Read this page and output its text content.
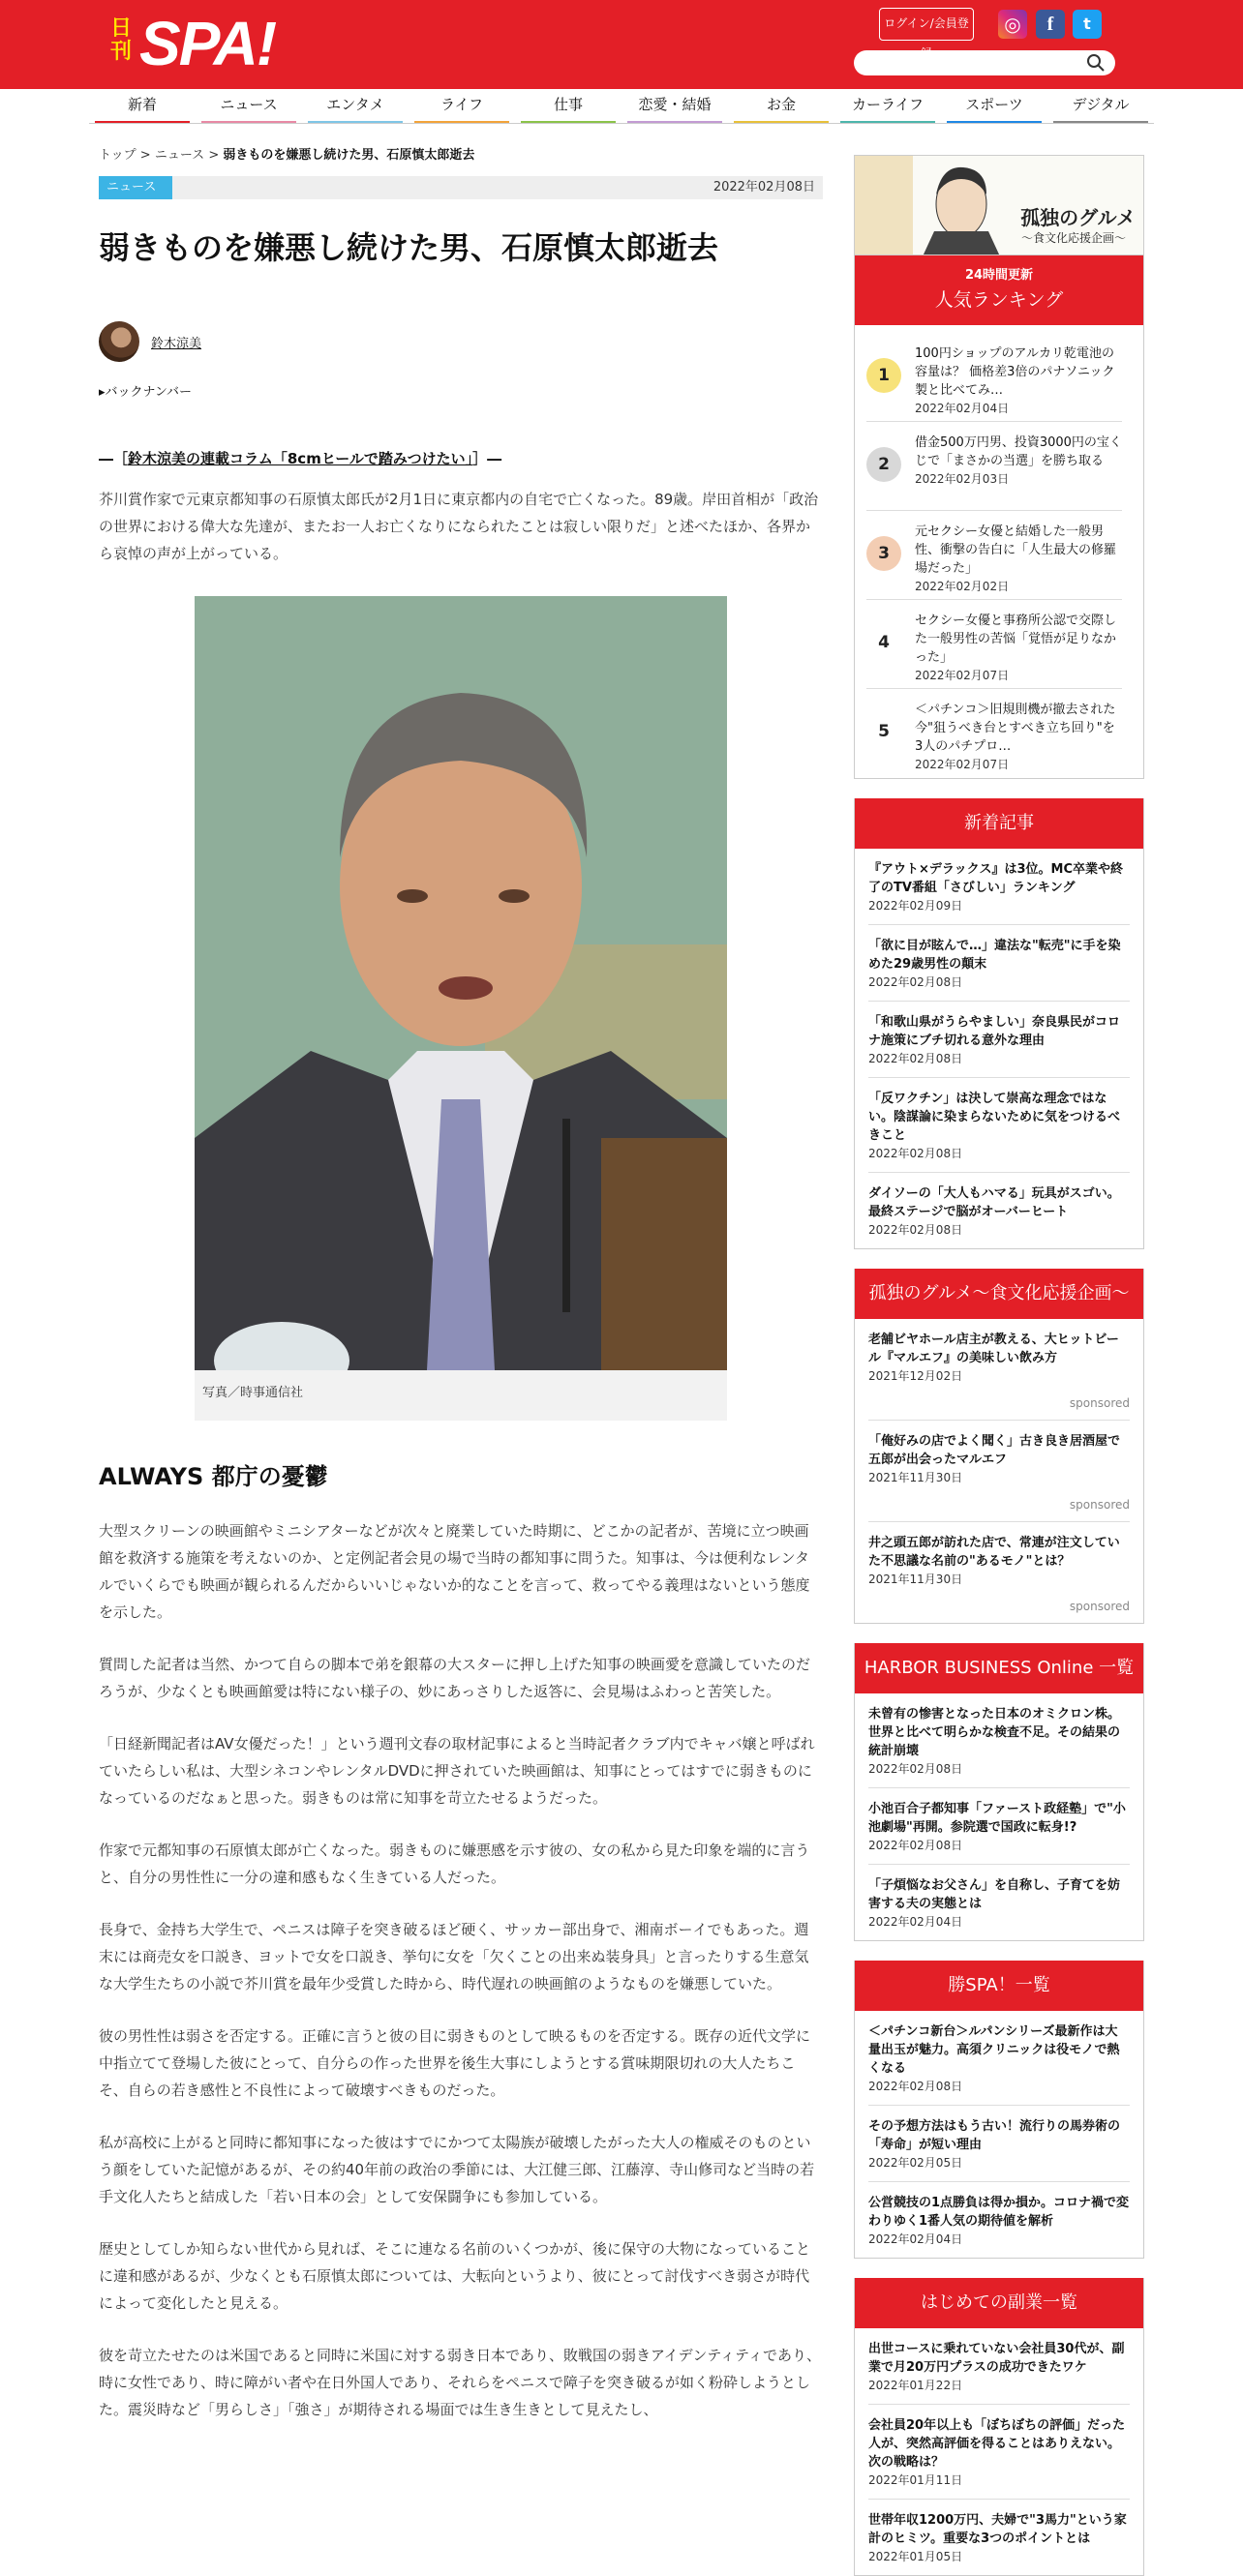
日刊 SPA!	ログイン/会員登	◎	f	t
新着	ニュース	エンタメ	ライフ	仕事	恋愛・結婚	お金	カーライフ	スポーツ	デジタル
トップ > ニュース > 弱きものを嫌悪し続けた男、石原慎太郎逝去
ニュース	2022年02月08日
弱きものを嫌悪し続けた男、石原慎太郎逝去
鈴木涼美
▸バックナンバー
―［鈴木涼美の連載コラム「8cmヒールで踏みつけたい」］―

芥川賞作家で元東京都知事の石原慎太郎氏が2月1日に東京都内の自宅で亡くなった。89歳。岸田首相が「政治の世界における偉大な先達が、またお一人お亡くなりになられたことは寂しい限りだ」と述べたほか、各界から哀悼の声が上がっている。

写真／時事通信社
ALWAYS 都庁の憂鬱

大型スクリーンの映画館やミニシアターなどが次々と廃業していた時期に、どこかの記者が、苦境に立つ映画館を救済する施策を考えないのか、と定例記者会見の場で当時の都知事に問うた。知事は、今は便利なレンタルでいくらでも映画が観られるんだからいいじゃないか的なことを言って、救ってやる義理はないという態度を示した。

質問した記者は当然、かつて自らの脚本で弟を銀幕の大スターに押し上げた知事の映画愛を意識していたのだろうが、少なくとも映画館愛は特にない様子の、妙にあっさりした返答に、会見場はふわっと苦笑した。

「日経新聞記者はAV女優だった！」という週刊文春の取材記事によると当時記者クラブ内でキャバ嬢と呼ばれていたらしい私は、大型シネコンやレンタルDVDに押されていた映画館は、知事にとってはすでに弱きものになっているのだなぁと思った。弱きものは常に知事を苛立たせるようだった。

作家で元都知事の石原慎太郎が亡くなった。弱きものに嫌悪感を示す彼の、女の私から見た印象を端的に言うと、自分の男性性に一分の違和感もなく生きている人だった。

長身で、金持ち大学生で、ペニスは障子を突き破るほど硬く、サッカー部出身で、湘南ボーイでもあった。週末には商売女を口説き、ヨットで女を口説き、挙句に女を「欠くことの出来ぬ装身具」と言ったりする生意気な大学生たちの小説で芥川賞を最年少受賞した時から、時代遅れの映画館のようなものを嫌悪していた。

彼の男性性は弱さを否定する。正確に言うと彼の目に弱きものとして映るものを否定する。既存の近代文学に中指立てて登場した彼にとって、自分らの作った世界を後生大事にしようとする賞味期限切れの大人たちこそ、自らの若き感性と不良性によって破壊すべきものだった。

私が高校に上がると同時に都知事になった彼はすでにかつて太陽族が破壊したがった大人の権威そのものという顔をしていた記憶があるが、その約40年前の政治の季節には、大江健三郎、江藤淳、寺山修司など当時の若手文化人たちと結成した「若い日本の会」として安保闘争にも参加している。

歴史としてしか知らない世代から見れば、そこに連なる名前のいくつかが、後に保守の大物になっていることに違和感があるが、少なくとも石原慎太郎については、大転向というより、彼にとって討伐すべき弱さが時代によって変化したと見える。

彼を苛立たせたのは米国であると同時に米国に対する弱き日本であり、敗戦国の弱きアイデンティティであり、時に女性であり、時に障がい者や在日外国人であり、それらをペニスで障子を突き破るが如く粉砕しようとした。震災時など「男らしさ」「強さ」が期待される場面では生き生きとして見えたし、

孤独のグルメ
～食文化応援企画～
24時間更新
人気ランキング
1
100円ショップのアルカリ乾電池の容量は？ 価格差3倍のパナソニック製と比べてみ…
2022年02月04日
2
借金500万円男、投資3000円の宝くじで「まさかの当選」を勝ち取る
2022年02月03日
3
元セクシー女優と結婚した一般男性、衝撃の告白に「人生最大の修羅場だった」
2022年02月02日
4
セクシー女優と事務所公認で交際した一般男性の苦悩「覚悟が足りなかった」
2022年02月07日
5
＜パチンコ＞旧規則機が撤去された今"狙うべき台とすべき立ち回り"を3人のパチプロ…
2022年02月07日
新着記事
『アウト×デラックス』は3位。MC卒業や終了のTV番組「さびしい」ランキング
2022年02月09日
「欲に目が眩んで…」違法な"転売"に手を染めた29歳男性の顛末
2022年02月08日
「和歌山県がうらやましい」奈良県民がコロナ施策にブチ切れる意外な理由
2022年02月08日
「反ワクチン」は決して崇高な理念ではない。陰謀論に染まらないために気をつけるべきこと
2022年02月08日
ダイソーの「大人もハマる」玩具がスゴい。最終ステージで脳がオーバーヒート
2022年02月08日
孤独のグルメ～食文化応援企画～
老舗ビヤホール店主が教える、大ヒットビール『マルエフ』の美味しい飲み方
2021年12月02日
sponsored
「俺好みの店でよく聞く」古き良き居酒屋で五郎が出会ったマルエフ
2021年11月30日
sponsored
井之頭五郎が訪れた店で、常連が注文していた不思議な名前の"あるモノ"とは？
2021年11月30日
sponsored
HARBOR BUSINESS Online 一覧
未曾有の惨害となった日本のオミクロン株。世界と比べて明らかな検査不足。その結果の統計崩壊
2022年02月08日
小池百合子都知事「ファースト政経塾」で"小池劇場"再開。参院選で国政に転身!?
2022年02月08日
「子煩悩なお父さん」を自称し、子育てを妨害する夫の実態とは
2022年02月04日
勝SPA！一覧
＜パチンコ新台＞ルパンシリーズ最新作は大量出玉が魅力。高須クリニックは役モノで熱くなる
2022年02月08日
その予想方法はもう古い！流行りの馬券術の「寿命」が短い理由
2022年02月05日
公営競技の1点勝負は得か損か。コロナ禍で変わりゆく1番人気の期待値を解析
2022年02月04日
はじめての副業一覧
出世コースに乗れていない会社員30代が、副業で月20万円プラスの成功できたワケ
2022年01月22日
会社員20年以上も「ぼちぼちの評価」だった人が、突然高評価を得ることはありえない。次の戦略は？
2022年01月11日
世帯年収1200万円、夫婦で"3馬力"という家計のヒミツ。重要な3つのポイントとは
2022年01月05日
